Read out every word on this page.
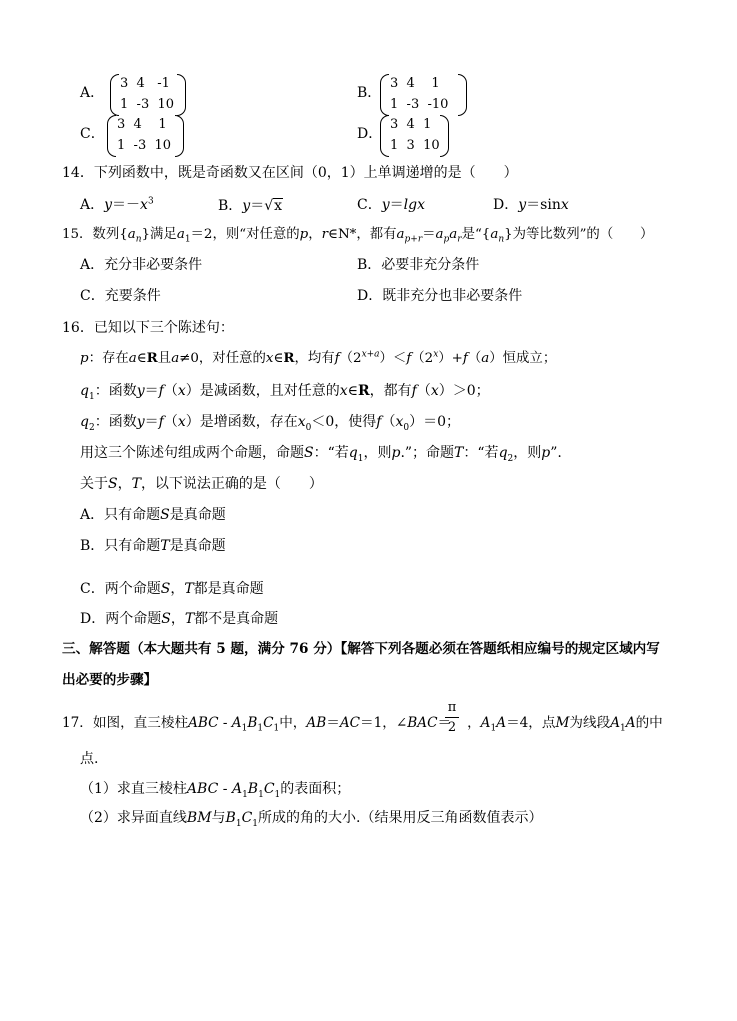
A．
3 4 -1
1 -3 10
B．
3 4 1
1 -3 -10
C．
3 4 1
1 -3 10
D．
3 4 1
1 3 10
14．下列函数中，既是奇函数又在区间（0，1）上单调递增的是（　　）
A．$y=-x^3$	B．y＝√x	C．y＝lgx	D．y＝sinx
15．数列$\{a_n\}$满足$a_1=2$，则“对任意的p，r∈N*，都有$a_{p+r}=a_pa_r$是“$\{a_n\}$为等比数列”的（　　）
A．充分非必要条件	B．必要非充分条件
C．充要条件	D．既非充分也非必要条件
16．已知以下三个陈述句：
p：存在a∈R且a≠0，对任意的x∈R，均有$f(2^{x+a})<f(2^x)+f(a)$恒成立；
$q_1$：函数y＝f（x）是减函数，且对任意的x∈R，都有f（x）＞0；
$q_2$：函数y＝f（x）是增函数，存在$x_0<0$，使得$f(x_0)=0$；
用这三个陈述句组成两个命题，命题S：“若$q_1$，则p.”；命题T：“若$q_2$，则p”.
关于S，T，以下说法正确的是（　　）
A．只有命题S是真命题
B．只有命题T是真命题
C．两个命题S，T都是真命题
D．两个命题S，T都不是真命题
三、解答题（本大题共有 5 题，满分 76 分）【解答下列各题必须在答题纸相应编号的规定区域内写
出必要的步骤】
17．如图，直三棱柱ABC - $A_1B_1C_1$中，AB＝AC＝1，∠BAC＝ ，$A_1A=4$，点M为线段$A_1A$的中
π
2
点.
（1）求直三棱柱ABC - $A_1B_1C_1$的表面积；
（2）求异面直线BM与$B_1C_1$所成的角的大小.（结果用反三角函数值表示）
